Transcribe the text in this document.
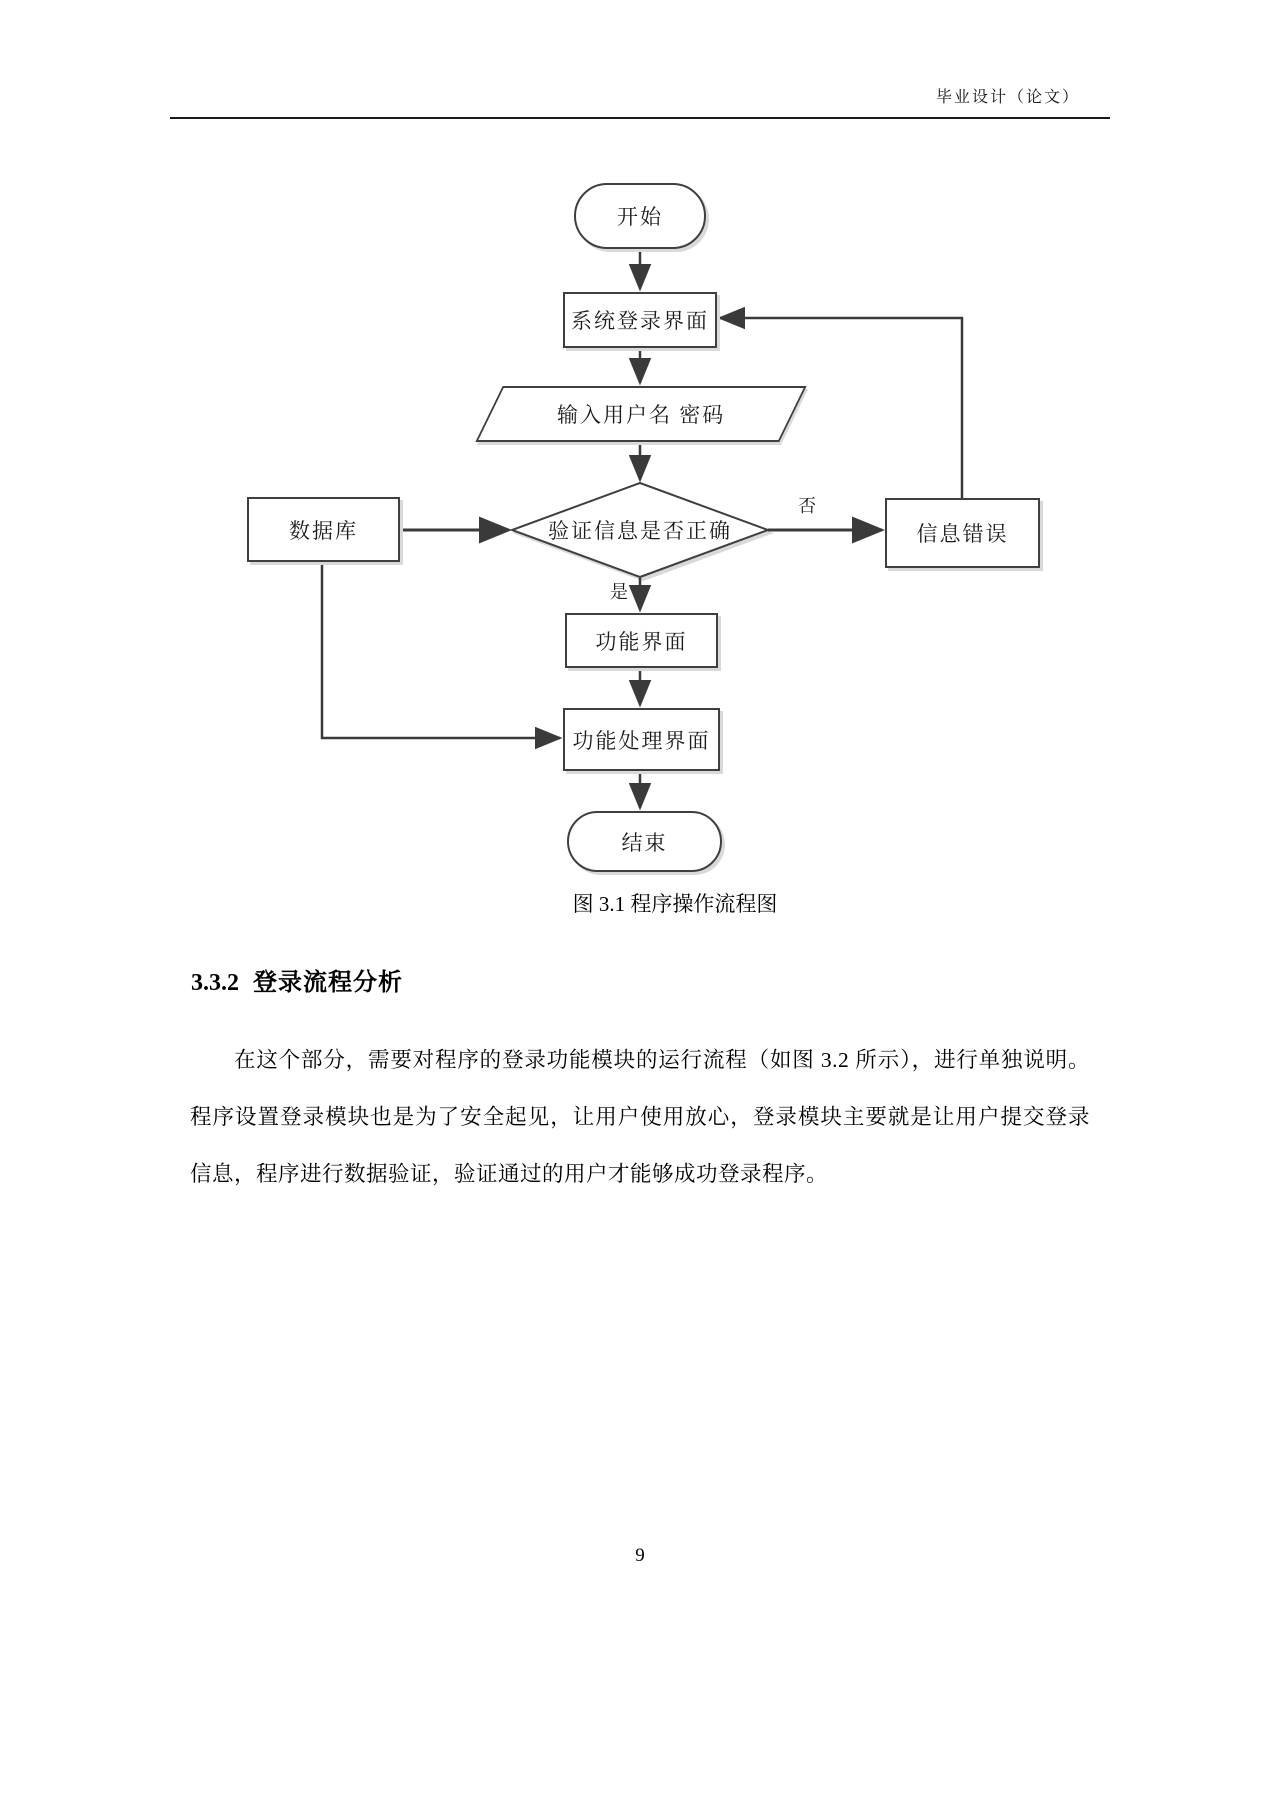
毕业设计（论文）
开始
系统登录界面
输入用户名 密码
验证信息是否正确
数据库	信息错误
功能界面
功能处理界面
结束
否
是
图 3.1 程序操作流程图
3.3.2 登录流程分析
在这个部分，需要对程序的登录功能模块的运行流程（如图 3.2 所示），进行单独说明。程序设置登录模块也是为了安全起见，让用户使用放心，登录模块主要就是让用户提交登录信息，程序进行数据验证，验证通过的用户才能够成功登录程序。
9
